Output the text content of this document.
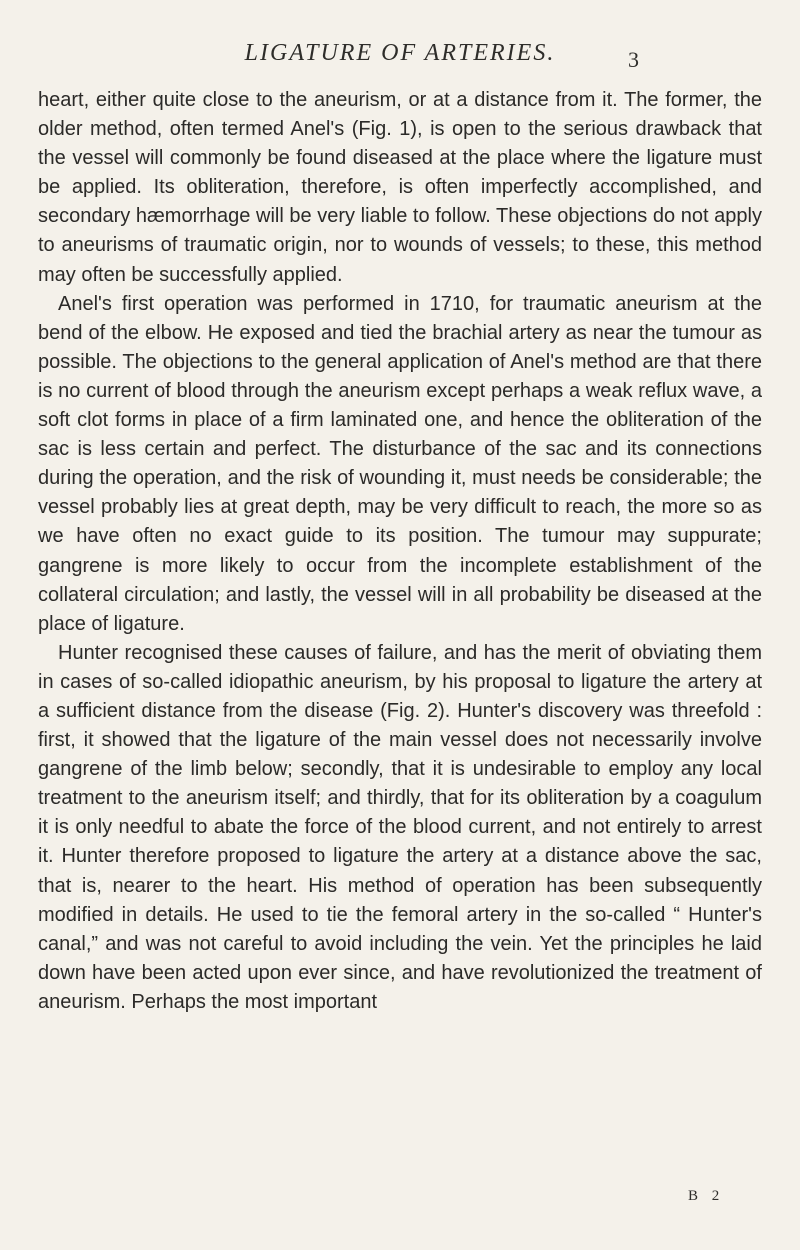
LIGATURE OF ARTERIES.	3

heart, either quite close to the aneurism, or at a distance from it. The former, the older method, often termed Anel's (Fig. 1), is open to the serious drawback that the vessel will commonly be found diseased at the place where the ligature must be applied. Its obliteration, therefore, is often imperfectly accomplished, and secondary hæmorrhage will be very liable to follow. These objections do not apply to aneurisms of traumatic origin, nor to wounds of vessels; to these, this method may often be successfully applied.

Anel's first operation was performed in 1710, for traumatic aneurism at the bend of the elbow. He exposed and tied the brachial artery as near the tumour as possible. The objections to the general application of Anel's method are that there is no current of blood through the aneurism except perhaps a weak reflux wave, a soft clot forms in place of a firm laminated one, and hence the obliteration of the sac is less certain and perfect. The disturbance of the sac and its connections during the operation, and the risk of wounding it, must needs be considerable; the vessel probably lies at great depth, may be very difficult to reach, the more so as we have often no exact guide to its position. The tumour may suppurate; gangrene is more likely to occur from the incomplete establishment of the collateral circulation; and lastly, the vessel will in all probability be diseased at the place of ligature.

Hunter recognised these causes of failure, and has the merit of obviating them in cases of so-called idiopathic aneurism, by his proposal to ligature the artery at a sufficient distance from the disease (Fig. 2). Hunter's discovery was threefold : first, it showed that the ligature of the main vessel does not necessarily involve gangrene of the limb below; secondly, that it is undesirable to employ any local treatment to the aneurism itself; and thirdly, that for its obliteration by a coagulum it is only needful to abate the force of the blood current, and not entirely to arrest it. Hunter therefore proposed to ligature the artery at a distance above the sac, that is, nearer to the heart. His method of operation has been subsequently modified in details. He used to tie the femoral artery in the so-called “ Hunter's canal,” and was not careful to avoid including the vein. Yet the principles he laid down have been acted upon ever since, and have revolutionized the treatment of aneurism. Perhaps the most important

B 2
